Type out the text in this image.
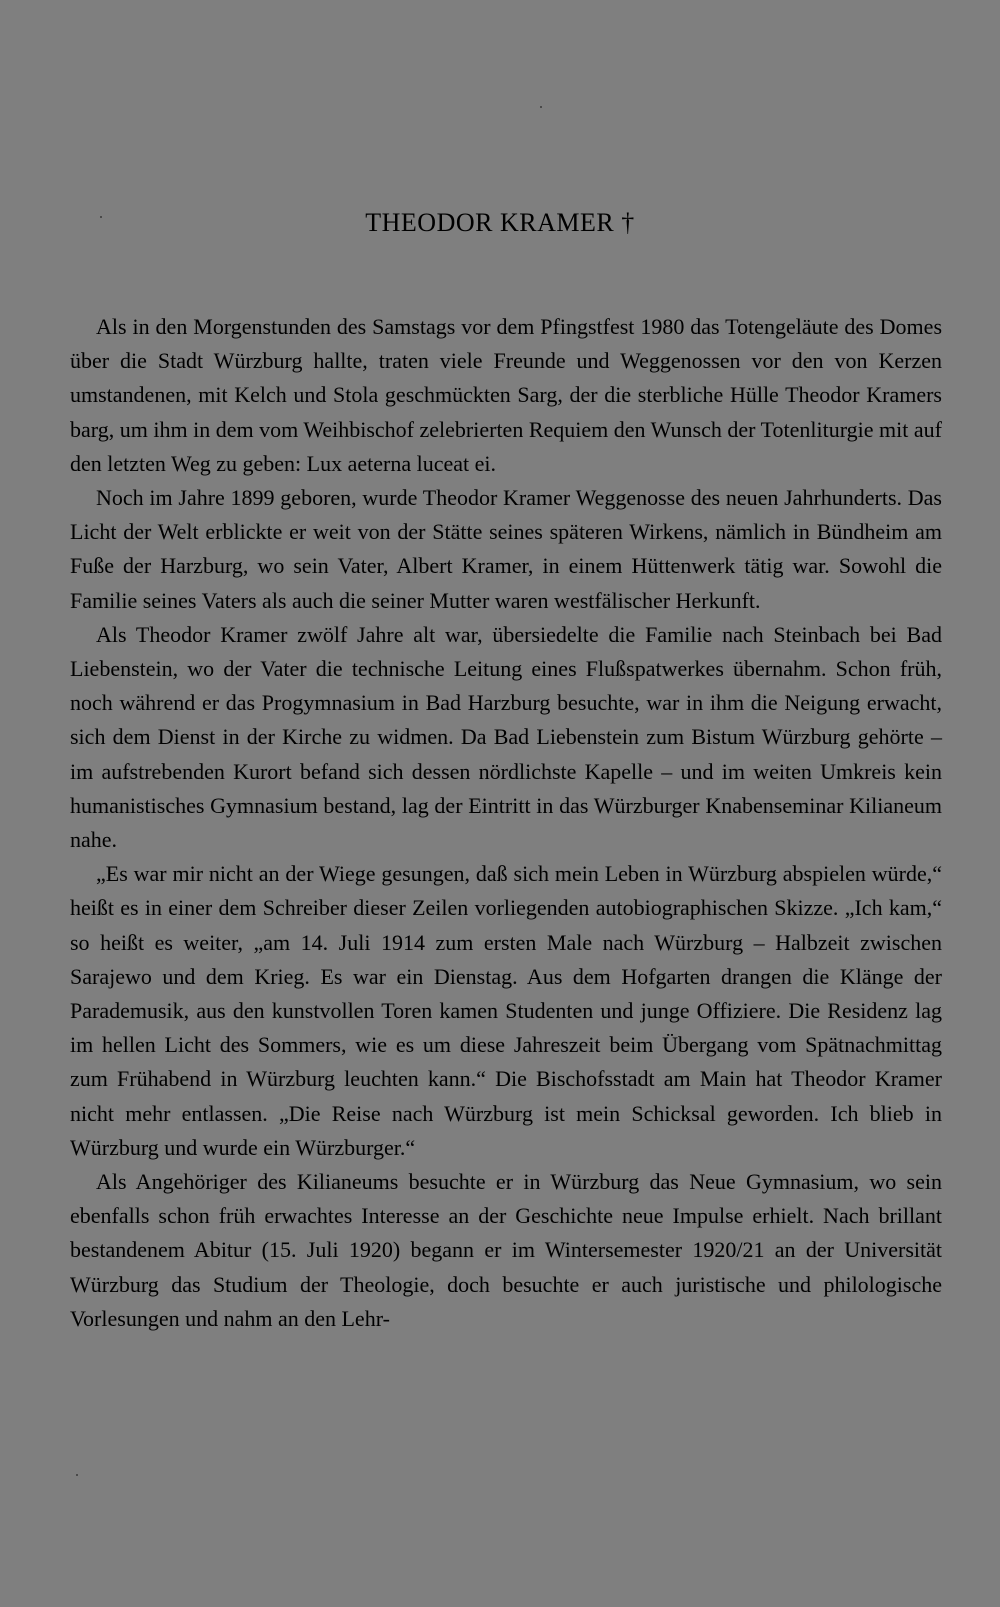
THEODOR KRAMER †

Als in den Morgenstunden des Samstags vor dem Pfingstfest 1980 das Totengeläute des Domes über die Stadt Würzburg hallte, traten viele Freunde und Weggenossen vor den von Kerzen umstandenen, mit Kelch und Stola geschmückten Sarg, der die sterbliche Hülle Theodor Kramers barg, um ihm in dem vom Weihbischof zelebrierten Requiem den Wunsch der Totenliturgie mit auf den letzten Weg zu geben: Lux aeterna luceat ei.

Noch im Jahre 1899 geboren, wurde Theodor Kramer Weggenosse des neuen Jahrhunderts. Das Licht der Welt erblickte er weit von der Stätte seines späteren Wirkens, nämlich in Bündheim am Fuße der Harzburg, wo sein Vater, Albert Kramer, in einem Hüttenwerk tätig war. Sowohl die Familie seines Vaters als auch die seiner Mutter waren westfälischer Herkunft.

Als Theodor Kramer zwölf Jahre alt war, übersiedelte die Familie nach Steinbach bei Bad Liebenstein, wo der Vater die technische Leitung eines Flußspatwerkes übernahm. Schon früh, noch während er das Progymnasium in Bad Harzburg besuchte, war in ihm die Neigung erwacht, sich dem Dienst in der Kirche zu widmen. Da Bad Liebenstein zum Bistum Würzburg gehörte – im aufstrebenden Kurort befand sich dessen nördlichste Kapelle – und im weiten Umkreis kein humanistisches Gymnasium bestand, lag der Eintritt in das Würzburger Knabenseminar Kilianeum nahe.

„Es war mir nicht an der Wiege gesungen, daß sich mein Leben in Würzburg abspielen würde,“ heißt es in einer dem Schreiber dieser Zeilen vorliegenden autobiographischen Skizze. „Ich kam,“ so heißt es weiter, „am 14. Juli 1914 zum ersten Male nach Würzburg – Halbzeit zwischen Sarajewo und dem Krieg. Es war ein Dienstag. Aus dem Hofgarten drangen die Klänge der Parademusik, aus den kunstvollen Toren kamen Studenten und junge Offiziere. Die Residenz lag im hellen Licht des Sommers, wie es um diese Jahreszeit beim Übergang vom Spätnachmittag zum Frühabend in Würzburg leuchten kann.“ Die Bischofsstadt am Main hat Theodor Kramer nicht mehr entlassen. „Die Reise nach Würzburg ist mein Schicksal geworden. Ich blieb in Würzburg und wurde ein Würzburger.“

Als Angehöriger des Kilianeums besuchte er in Würzburg das Neue Gymnasium, wo sein ebenfalls schon früh erwachtes Interesse an der Geschichte neue Impulse erhielt. Nach brillant bestandenem Abitur (15. Juli 1920) begann er im Wintersemester 1920/21 an der Universität Würzburg das Studium der Theologie, doch besuchte er auch juristische und philologische Vorlesungen und nahm an den Lehr-
